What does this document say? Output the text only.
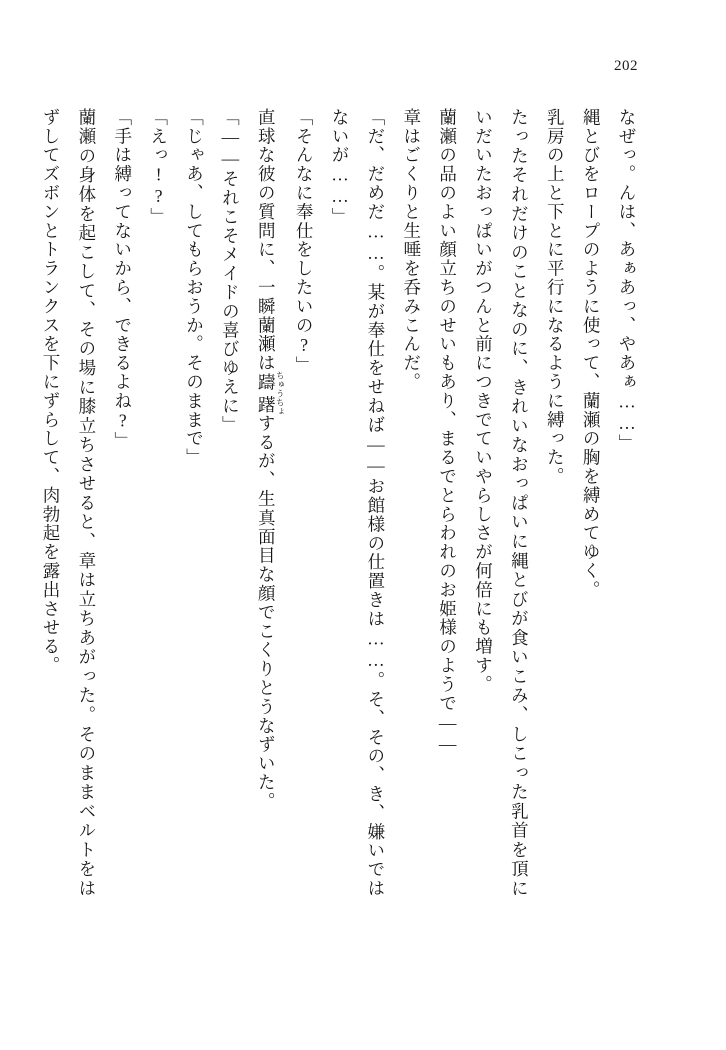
202

なぜっ。んは、あぁあっ、やあぁ……」

縄とびをロープのように使って、蘭瀬の胸を縛めてゆく。

乳房の上と下とに平行になるように縛った。

たったそれだけのことなのに、きれいなおっぱいに縄とびが食いこみ、しこった乳首を頂にいだいたおっぱいがつんと前につきでていやらしさが何倍にも増す。

蘭瀬の品のよい顔立ちのせいもあり、まるでとらわれのお姫様のようで――

章はごくりと生唾を呑みこんだ。

「だ、だめだ……。某が奉仕をせねば――お館様の仕置きは……。そ、その、き、嫌いではないが……」

「そんなに奉仕をしたいの?」

直球な彼の質問に、一瞬蘭瀬は躊躇 ちゅうちょするが、生真面目な顔でこくりとうなずいた。

「――それこそメイドの喜びゆえに」

「じゃあ、してもらおうか。そのままで」

「えっ!?」

「手は縛ってないから、できるよね?」

蘭瀬の身体を起こして、その場に膝立ちさせると、章は立ちあがった。そのままベルトをはずしてズボンとトランクスを下にずらして、肉勃起を露出させる。
